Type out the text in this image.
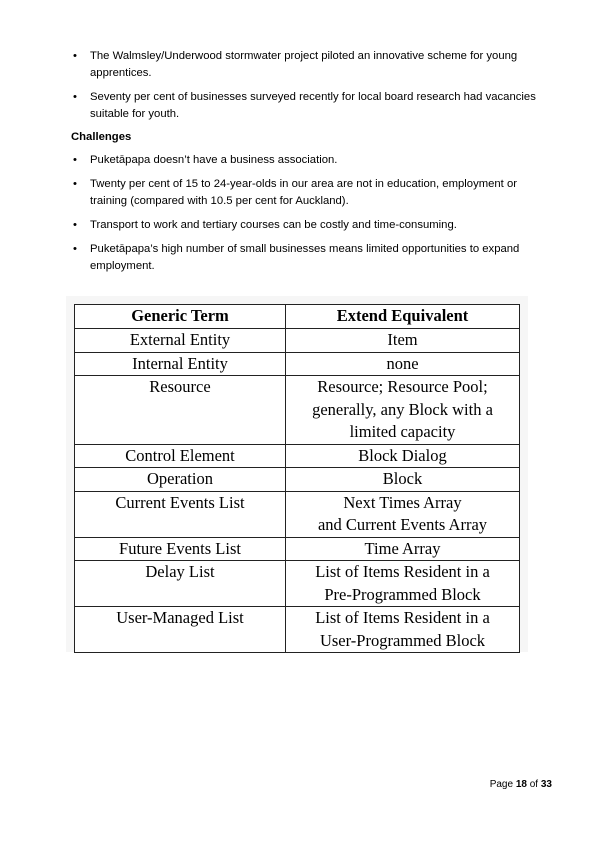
• The Walmsley/Underwood stormwater project piloted an innovative scheme for young apprentices.
• Seventy per cent of businesses surveyed recently for local board research had vacancies suitable for youth.
Challenges
• Puketāpapa doesn’t have a business association.
• Twenty per cent of 15 to 24-year-olds in our area are not in education, employment or training (compared with 10.5 per cent for Auckland).
• Transport to work and tertiary courses can be costly and time-consuming.
• Puketāpapa’s high number of small businesses means limited opportunities to expand employment.
Generic Term	Extend Equivalent
External Entity	Item

Internal Entity	none

Resource	Resource; Resource Pool;
generally, any Block with a
limited capacity

Control Element	Block Dialog

Operation	Block

Current Events List	Next Times Array
and Current Events Array

Future Events List	Time Array

Delay List	List of Items Resident in a
Pre-Programmed Block

User-Managed List	List of Items Resident in a
User-Programmed Block
Page 18 of 33
